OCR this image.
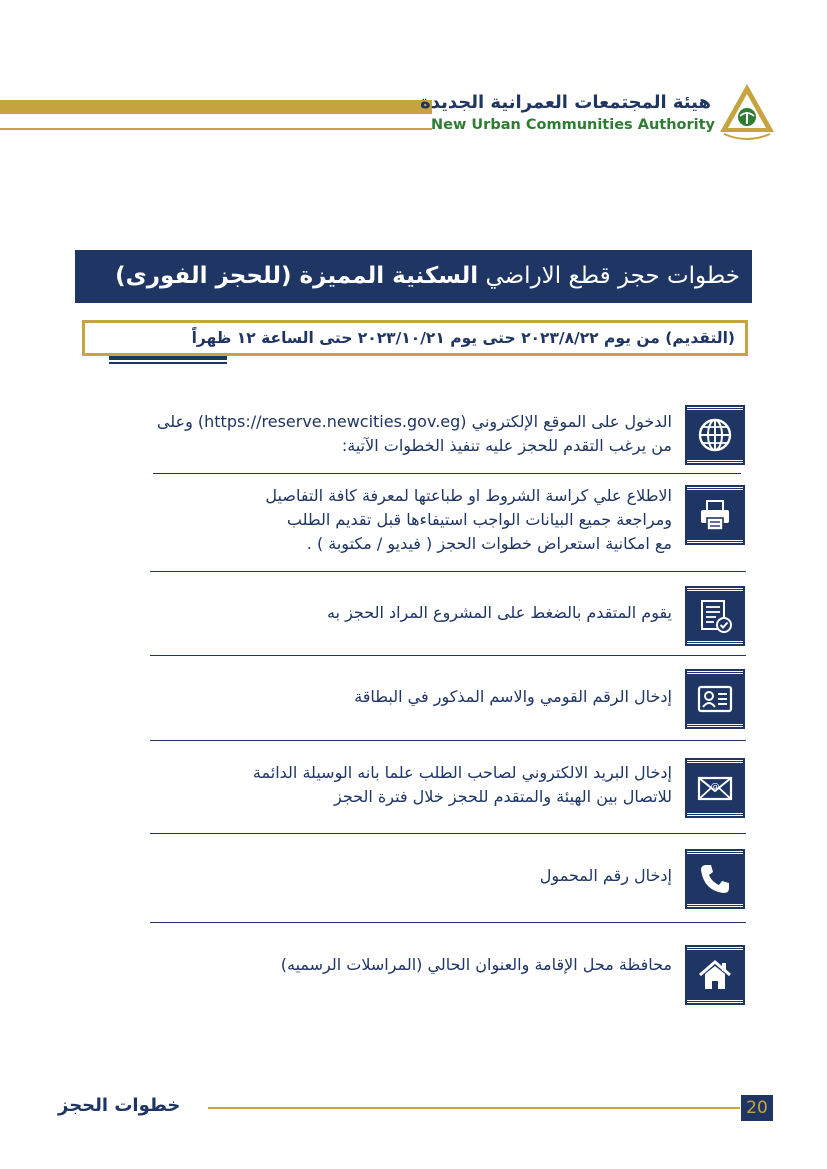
هيئة المجتمعات العمرانية الجديدة
New Urban Communities Authority
خطوات حجز قطع الاراضي السكنية المميزة (للحجز الفورى)
(التقديم) من يوم ٢٠٢٣/٨/٢٢ حتى يوم ٢٠٢٣/١٠/٢١ حتى الساعة ١٢ ظهراً
الدخول على الموقع الإلكتروني (https://reserve.newcities.gov.eg) وعلى
من يرغب التقدم للحجز عليه تنفيذ الخطوات الآتية:
الاطلاع علي كراسة الشروط او طباعتها لمعرفة كافة التفاصيل
ومراجعة جميع البيانات الواجب استيفاءها قبل تقديم الطلب
مع امكانية استعراض خطوات الحجز ( فيديو / مكتوبة ) .
يقوم المتقدم بالضغط على المشروع المراد الحجز به
إدخال الرقم القومي والاسم المذكور في البطاقة
@
إدخال البريد الالكتروني لصاحب الطلب علما بانه الوسيلة الدائمة
للاتصال بين الهيئة والمتقدم للحجز خلال فترة الحجز
إدخال رقم المحمول
محافظة محل الإقامة والعنوان الحالي (المراسلات الرسميه)
خطوات الحجز	20
